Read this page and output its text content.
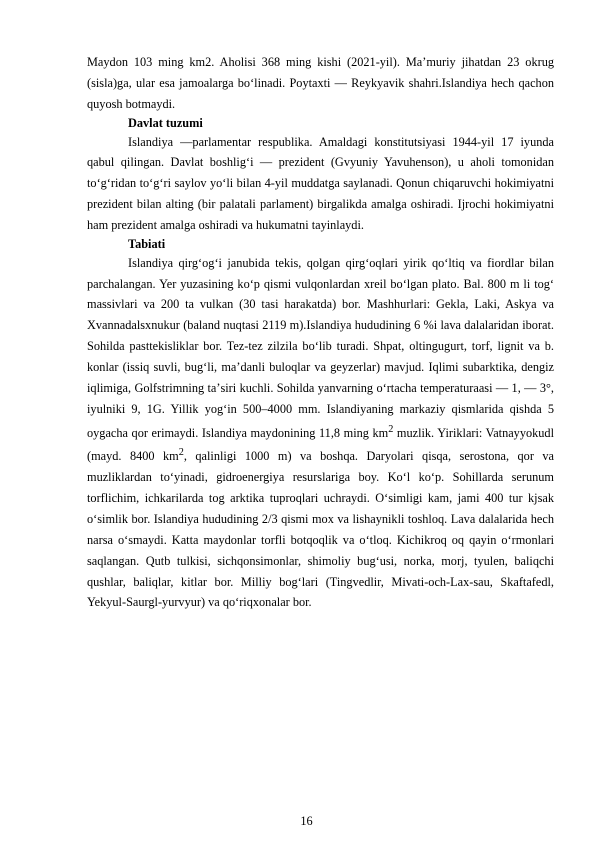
Maydon 103 ming km2. Aholisi 368 ming kishi (2021-yil). Maʼmuriy jihatdan 23 okrug (sisla)ga, ular esa jamoalarga bo‘linadi. Poytaxti — Reykyavik shahri.Islandiya hech qachon quyosh botmaydi.

Davlat tuzumi

Islandiya —parlamentar respublika. Amaldagi konstitutsiyasi 1944-yil 17 iyunda qabul qilingan. Davlat boshligʻi — prezident (Gvyuniy Yavuhenson), u aholi tomonidan toʻgʻridan to‘g‘ri saylov yoʻli bilan 4-yil muddatga saylanadi. Qonun chiqaruvchi hokimiyatni prezident bilan alting (bir palatali parlament) birgalikda amalga oshiradi. Ijrochi hokimiyatni ham prezident amalga oshiradi va hukumatni tayinlaydi.

Tabiati

Islandiya qirgʻogʻi janubida tekis, qolgan qirgʻoqlari yirik qoʻltiq va fiordlar bilan parchalangan. Yer yuzasining koʻp qismi vulqonlardan xreil boʻlgan plato. Bal. 800 m li togʻ massivlari va 200 ta vulkan (30 tasi harakatda) bor. Mashhurlari: Gekla, Laki, Askya va Xvannadalsxnukur (baland nuqtasi 2119 m).Islandiya hududining 6 %i lava dalalaridan iborat. Sohilda pasttekisliklar bor. Tez-tez zilzila boʻlib turadi. Shpat, oltingugurt, torf, lignit va b. konlar (issiq suvli, bugʻli, maʼdanli buloqlar va geyzerlar) mavjud. Iqlimi subarktika, dengiz iqlimiga, Golfstrimning taʼsiri kuchli. Sohilda yanvarning oʻrtacha temperaturaasi — 1, — 3°, iyulniki 9, 1G. Yillik yogʻin 500–4000 mm. Islandiyaning markaziy qismlarida qishda 5 oygacha qor erimaydi. Islandiya maydonining 11,8 ming $km^2$ muzlik. Yiriklari: Vatnayyokudl (mayd. 8400 $km^2$, qalinligi 1000 m) va boshqa. Daryolari qisqa, serostona, qor va muzliklardan toʻyinadi, gidroenergiya resurslariga boy. Koʻl koʻp. Sohillarda serunum torflichim, ichkarilarda tog arktika tuproqlari uchraydi. Oʻsimligi kam, jami 400 tur kjsak oʻsimlik bor. Islandiya hududining 2/3 qismi mox va lishaynikli toshloq. Lava dalalarida hech narsa oʻsmaydi. Katta maydonlar torfli botqoqlik va oʻtloq. Kichikroq oq qayin oʻrmonlari saqlangan. Qutb tulkisi, sichqonsimonlar, shimoliy bugʻusi, norka, morj, tyulen, baliqchi qushlar, baliqlar, kitlar bor. Milliy bogʻlari (Tingvedlir, Mivati-och-Lax-sau, Skaftafedl, Yekyul-Saurgl-yurvyur) va qoʻriqxonalar bor.

16
